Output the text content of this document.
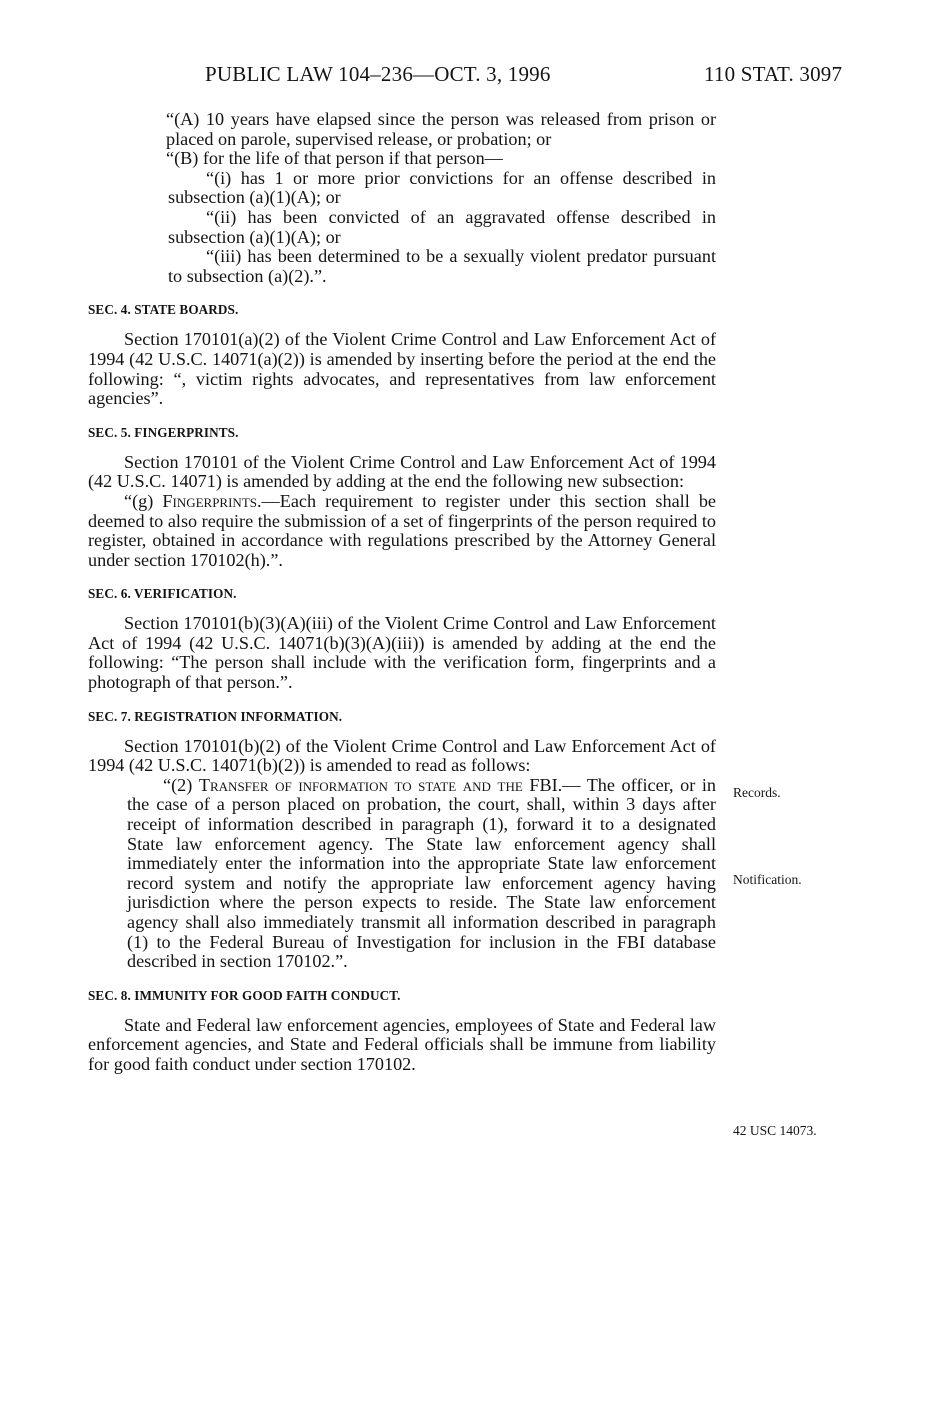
PUBLIC LAW 104–236—OCT. 3, 1996	110 STAT. 3097
Records.
Notification.
42 USC 14073.

“(A) 10 years have elapsed since the person was released from prison or placed on parole, supervised release, or probation; or

“(B) for the life of that person if that person—

“(i) has 1 or more prior convictions for an offense described in subsection (a)(1)(A); or

“(ii) has been convicted of an aggravated offense described in subsection (a)(1)(A); or

“(iii) has been determined to be a sexually violent predator pursuant to subsection (a)(2).”.

SEC. 4. STATE BOARDS.

Section 170101(a)(2) of the Violent Crime Control and Law Enforcement Act of 1994 (42 U.S.C. 14071(a)(2)) is amended by inserting before the period at the end the following: “, victim rights advocates, and representatives from law enforcement agencies”.

SEC. 5. FINGERPRINTS.

Section 170101 of the Violent Crime Control and Law Enforcement Act of 1994 (42 U.S.C. 14071) is amended by adding at the end the following new subsection:

“(g) Fingerprints.—Each requirement to register under this section shall be deemed to also require the submission of a set of fingerprints of the person required to register, obtained in accordance with regulations prescribed by the Attorney General under section 170102(h).”.

SEC. 6. VERIFICATION.

Section 170101(b)(3)(A)(iii) of the Violent Crime Control and Law Enforcement Act of 1994 (42 U.S.C. 14071(b)(3)(A)(iii)) is amended by adding at the end the following: “The person shall include with the verification form, fingerprints and a photograph of that person.”.

SEC. 7. REGISTRATION INFORMATION.

Section 170101(b)(2) of the Violent Crime Control and Law Enforcement Act of 1994 (42 U.S.C. 14071(b)(2)) is amended to read as follows:

“(2) Transfer of information to state and the FBI.— The officer, or in the case of a person placed on probation, the court, shall, within 3 days after receipt of information described in paragraph (1), forward it to a designated State law enforcement agency. The State law enforcement agency shall immediately enter the information into the appropriate State law enforcement record system and notify the appropriate law enforcement agency having jurisdiction where the person expects to reside. The State law enforcement agency shall also immediately transmit all information described in paragraph (1) to the Federal Bureau of Investigation for inclusion in the FBI database described in section 170102.”.

SEC. 8. IMMUNITY FOR GOOD FAITH CONDUCT.

State and Federal law enforcement agencies, employees of State and Federal law enforcement agencies, and State and Federal officials shall be immune from liability for good faith conduct under section 170102.
